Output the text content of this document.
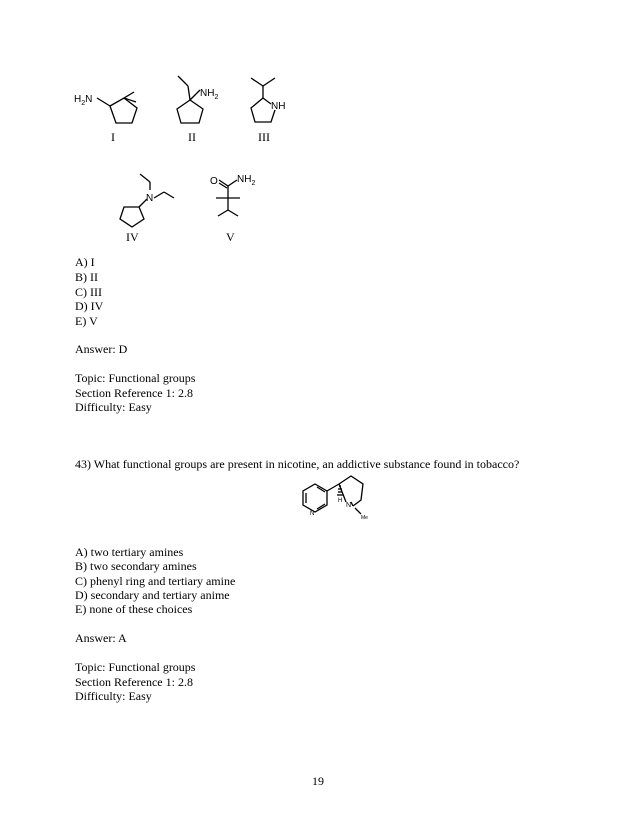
$H_2N$
I
$NH_2$
II
NH
III
N
IV
O $NH_2$
V
A) I
B) II
C) III
D) IV
E) V
Answer: D
Topic: Functional groups
Section Reference 1: 2.8
Difficulty: Easy
43) What functional groups are present in nicotine, an addictive substance found in tobacco?
N
N
H
Me
A) two tertiary amines
B) two secondary amines
C) phenyl ring and tertiary amine
D) secondary and tertiary anime
E) none of these choices
Answer: A
Topic: Functional groups
Section Reference 1: 2.8
Difficulty: Easy
19
